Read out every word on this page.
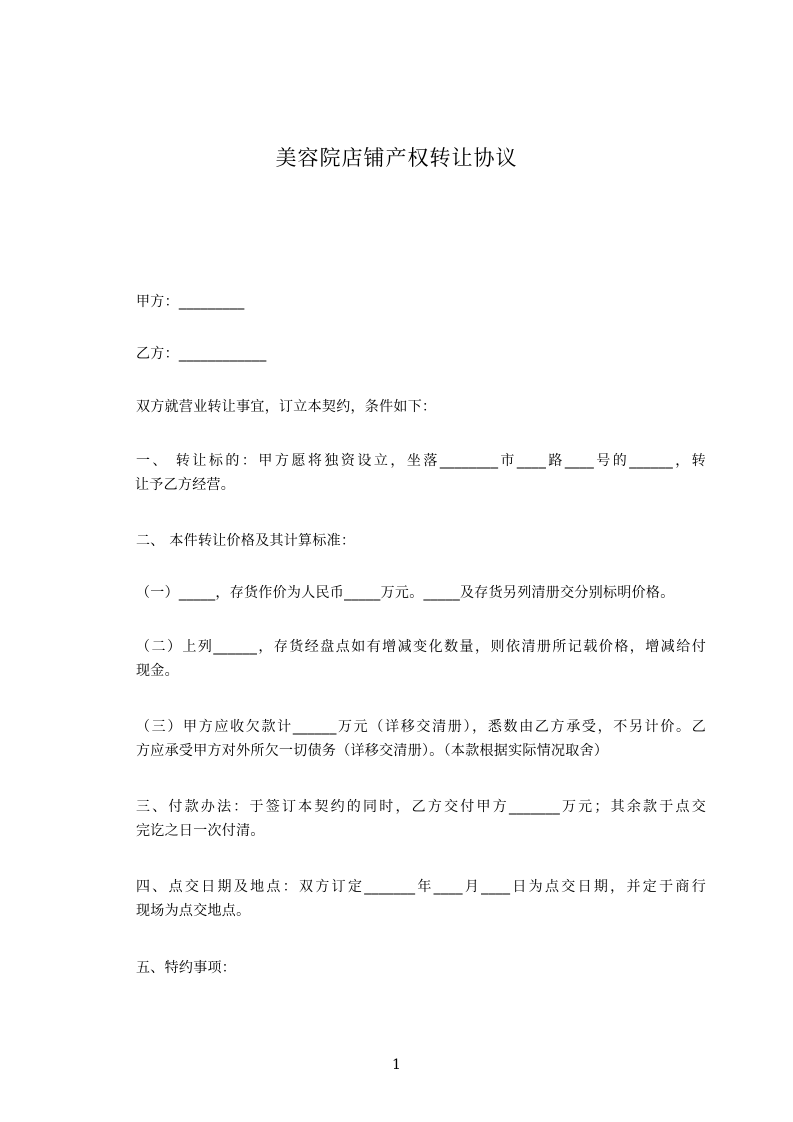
美容院店铺产权转让协议
甲方：_________
乙方：____________
双方就营业转让事宜，订立本契约，条件如下：
一、 转让标的：甲方愿将独资设立，坐落________市____路____号的______，转
让予乙方经营。
二、 本件转让价格及其计算标准：
（一）_____，存货作价为人民币_____万元。_____及存货另列清册交分别标明价格。
（二）上列______，存货经盘点如有增减变化数量，则依清册所记载价格，增减给付
现金。
（三）甲方应收欠款计______万元（详移交清册），悉数由乙方承受，不另计价。乙
方应承受甲方对外所欠一切债务（详移交清册）。（本款根据实际情况取舍）
三、付款办法：于签订本契约的同时，乙方交付甲方_______万元；其余款于点交
完讫之日一次付清。
四、点交日期及地点：双方订定_______年____月____日为点交日期，并定于商行
现场为点交地点。
五、特约事项：
1
